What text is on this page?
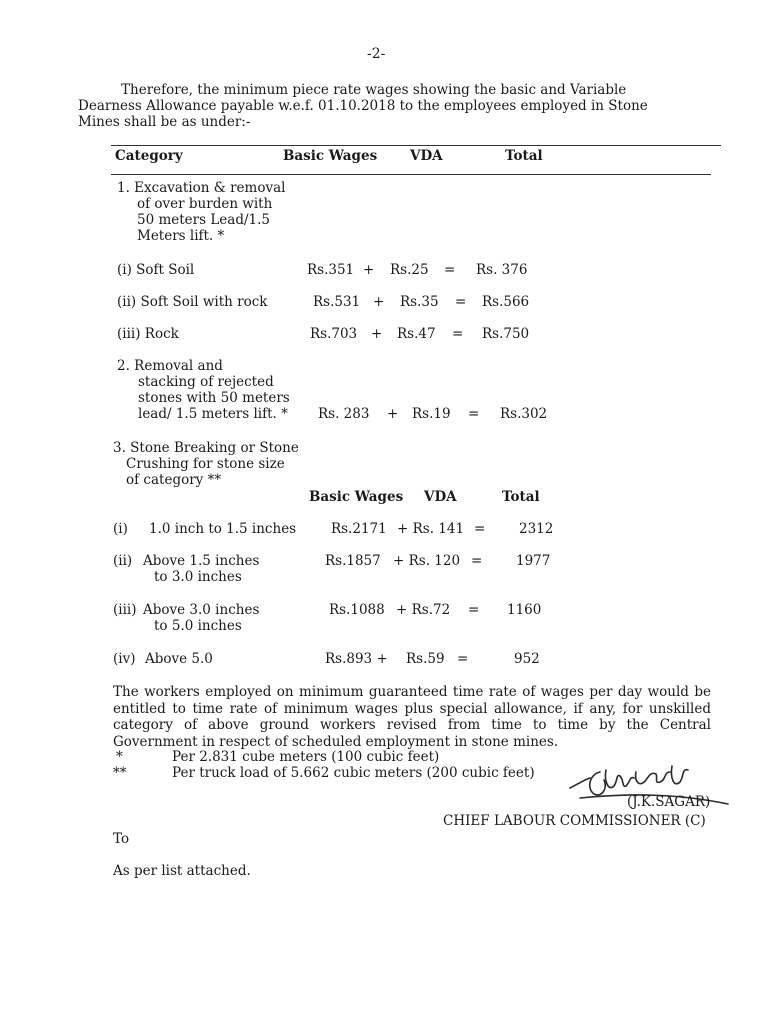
-2-
Therefore, the minimum piece rate wages showing the basic and Variable
Dearness Allowance payable w.e.f. 01.10.2018 to the employees employed in Stone
Mines shall be as under:-
Category	Basic Wages VDA	Total
1. Excavation & removal
of over burden with
50 meters Lead/1.5
Meters lift. *
(i) Soft Soil	Rs.351 + Rs.25 = Rs. 376
(ii) Soft Soil with rock	Rs.531 + Rs.35 = Rs.566
(iii) Rock	Rs.703 + Rs.47 = Rs.750
2. Removal and
stacking of rejected
stones with 50 meters
lead/ 1.5 meters lift. * Rs. 283 + Rs.19 = Rs.302
3. Stone Breaking or Stone
Crushing for stone size
of category **
Basic Wages VDA	Total
(i) 1.0 inch to 1.5 inches	Rs.2171 + Rs. 141 = 2312
(ii) Above 1.5 inches
to 3.0 inches
Rs.1857 + Rs. 120 = 1977
(iii) Above 3.0 inches
to 5.0 inches
Rs.1088 + Rs.72 = 1160
(iv) Above 5.0	Rs.893 + Rs.59 =	952
The workers employed on minimum guaranteed time rate of wages per day would be entitled to time rate of minimum wages plus special allowance, if any, for unskilled category of above ground workers revised from time to time by the Central Government in respect of scheduled employment in stone mines.
*	Per 2.831 cube meters (100 cubic feet)
**	Per truck load of 5.662 cubic meters (200 cubic feet)
(J.K.SAGAR)
CHIEF LABOUR COMMISSIONER (C)
To
As per list attached.
